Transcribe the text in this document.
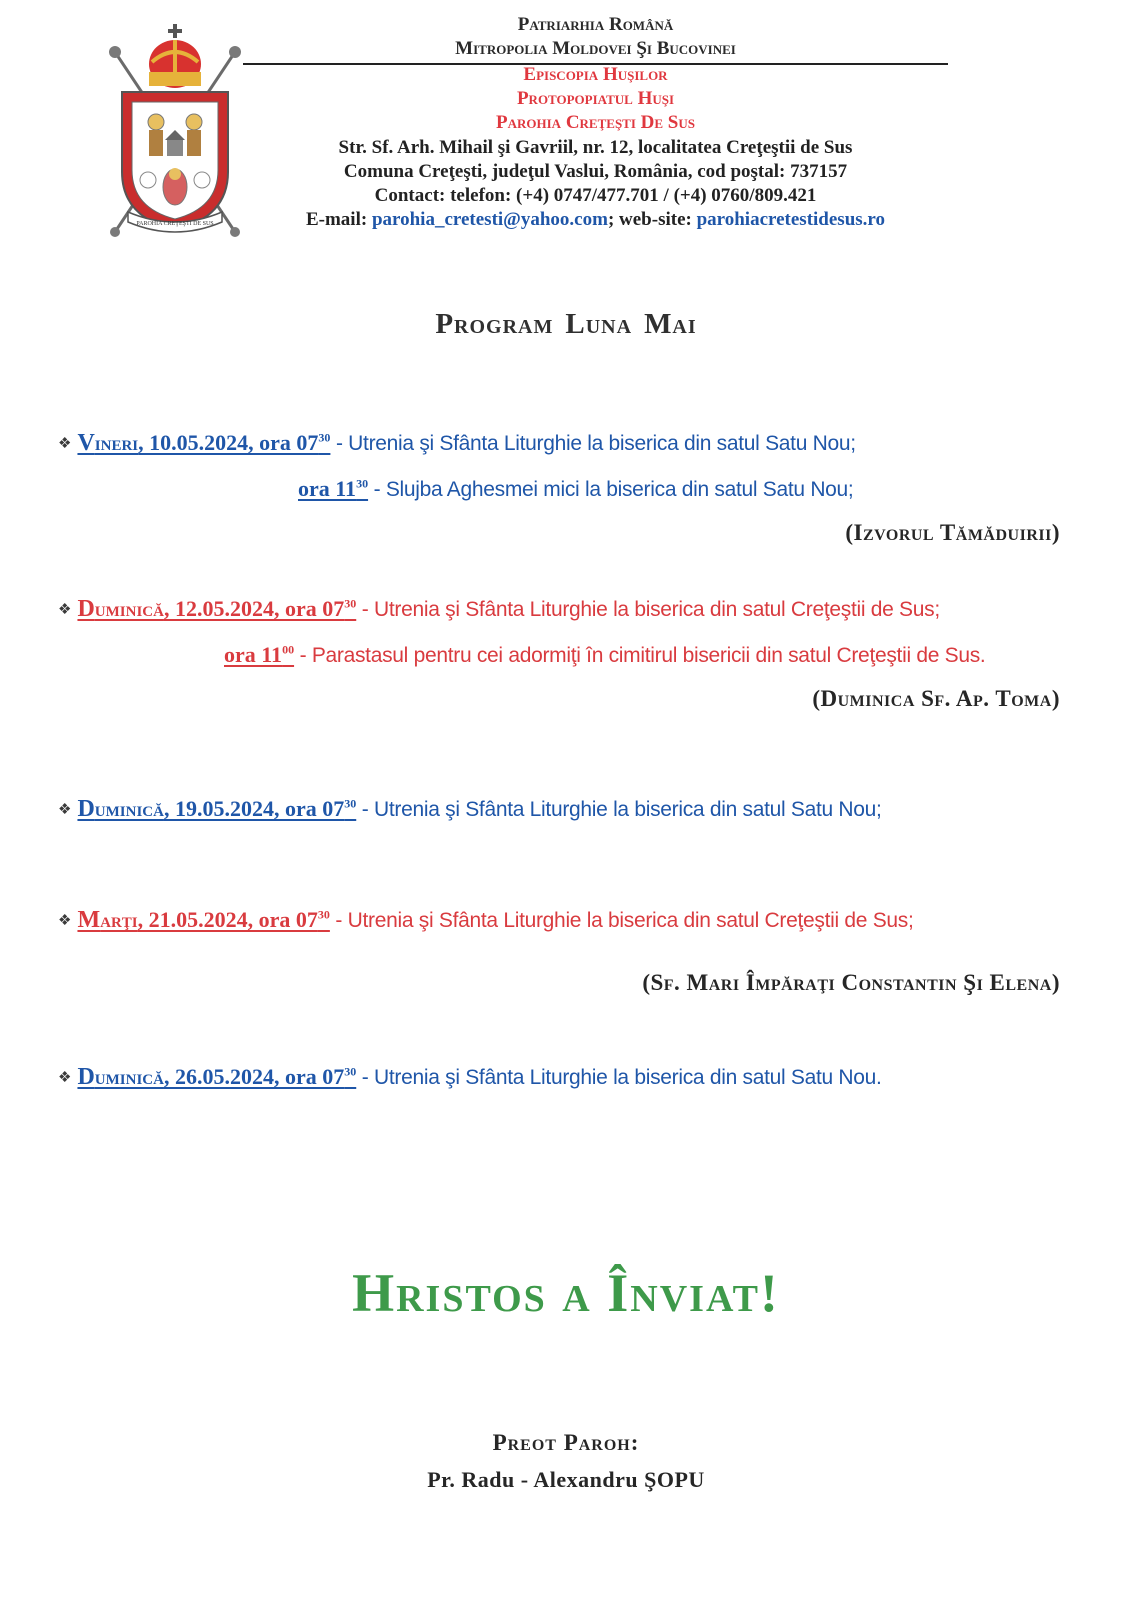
PAROHIA CREŢEŞTI DE SUS
Patriarhia Română
Mitropolia Moldovei Şi Bucovinei
Episcopia Huşilor
Protopopiatul Huşi
Parohia Creţeşti De Sus
Str. Sf. Arh. Mihail şi Gavriil, nr. 12, localitatea Creţeştii de Sus
Comuna Creţeşti, judeţul Vaslui, România, cod poştal: 737157
Contact: telefon: (+4) 0747/477.701 / (+4) 0760/809.421
E-mail: parohia_cretesti@yahoo.com; web-site: parohiacretestidesus.ro
Program Luna Mai
❖ Vineri, 10.05.2024, ora $07^{30}$ - Utrenia şi Sfânta Liturghie la biserica din satul Satu Nou;
ora $11^{30}$ - Slujba Aghesmei mici la biserica din satul Satu Nou;
(Izvorul Tămăduirii)
❖ Duminică, 12.05.2024, ora $07^{30}$ - Utrenia şi Sfânta Liturghie la biserica din satul Creţeştii de Sus;
ora $11^{00}$ - Parastasul pentru cei adormiţi în cimitirul bisericii din satul Creţeştii de Sus.
(Duminica Sf. Ap. Toma)
❖ Duminică, 19.05.2024, ora $07^{30}$ - Utrenia şi Sfânta Liturghie la biserica din satul Satu Nou;
❖ Marţi, 21.05.2024, ora $07^{30}$ - Utrenia şi Sfânta Liturghie la biserica din satul Creţeştii de Sus;
(Sf. Mari Împăraţi Constantin Şi Elena)
❖ Duminică, 26.05.2024, ora $07^{30}$ - Utrenia şi Sfânta Liturghie la biserica din satul Satu Nou.
Hristos a Înviat!
Preot Paroh:
Pr. Radu - Alexandru ŞOPU
